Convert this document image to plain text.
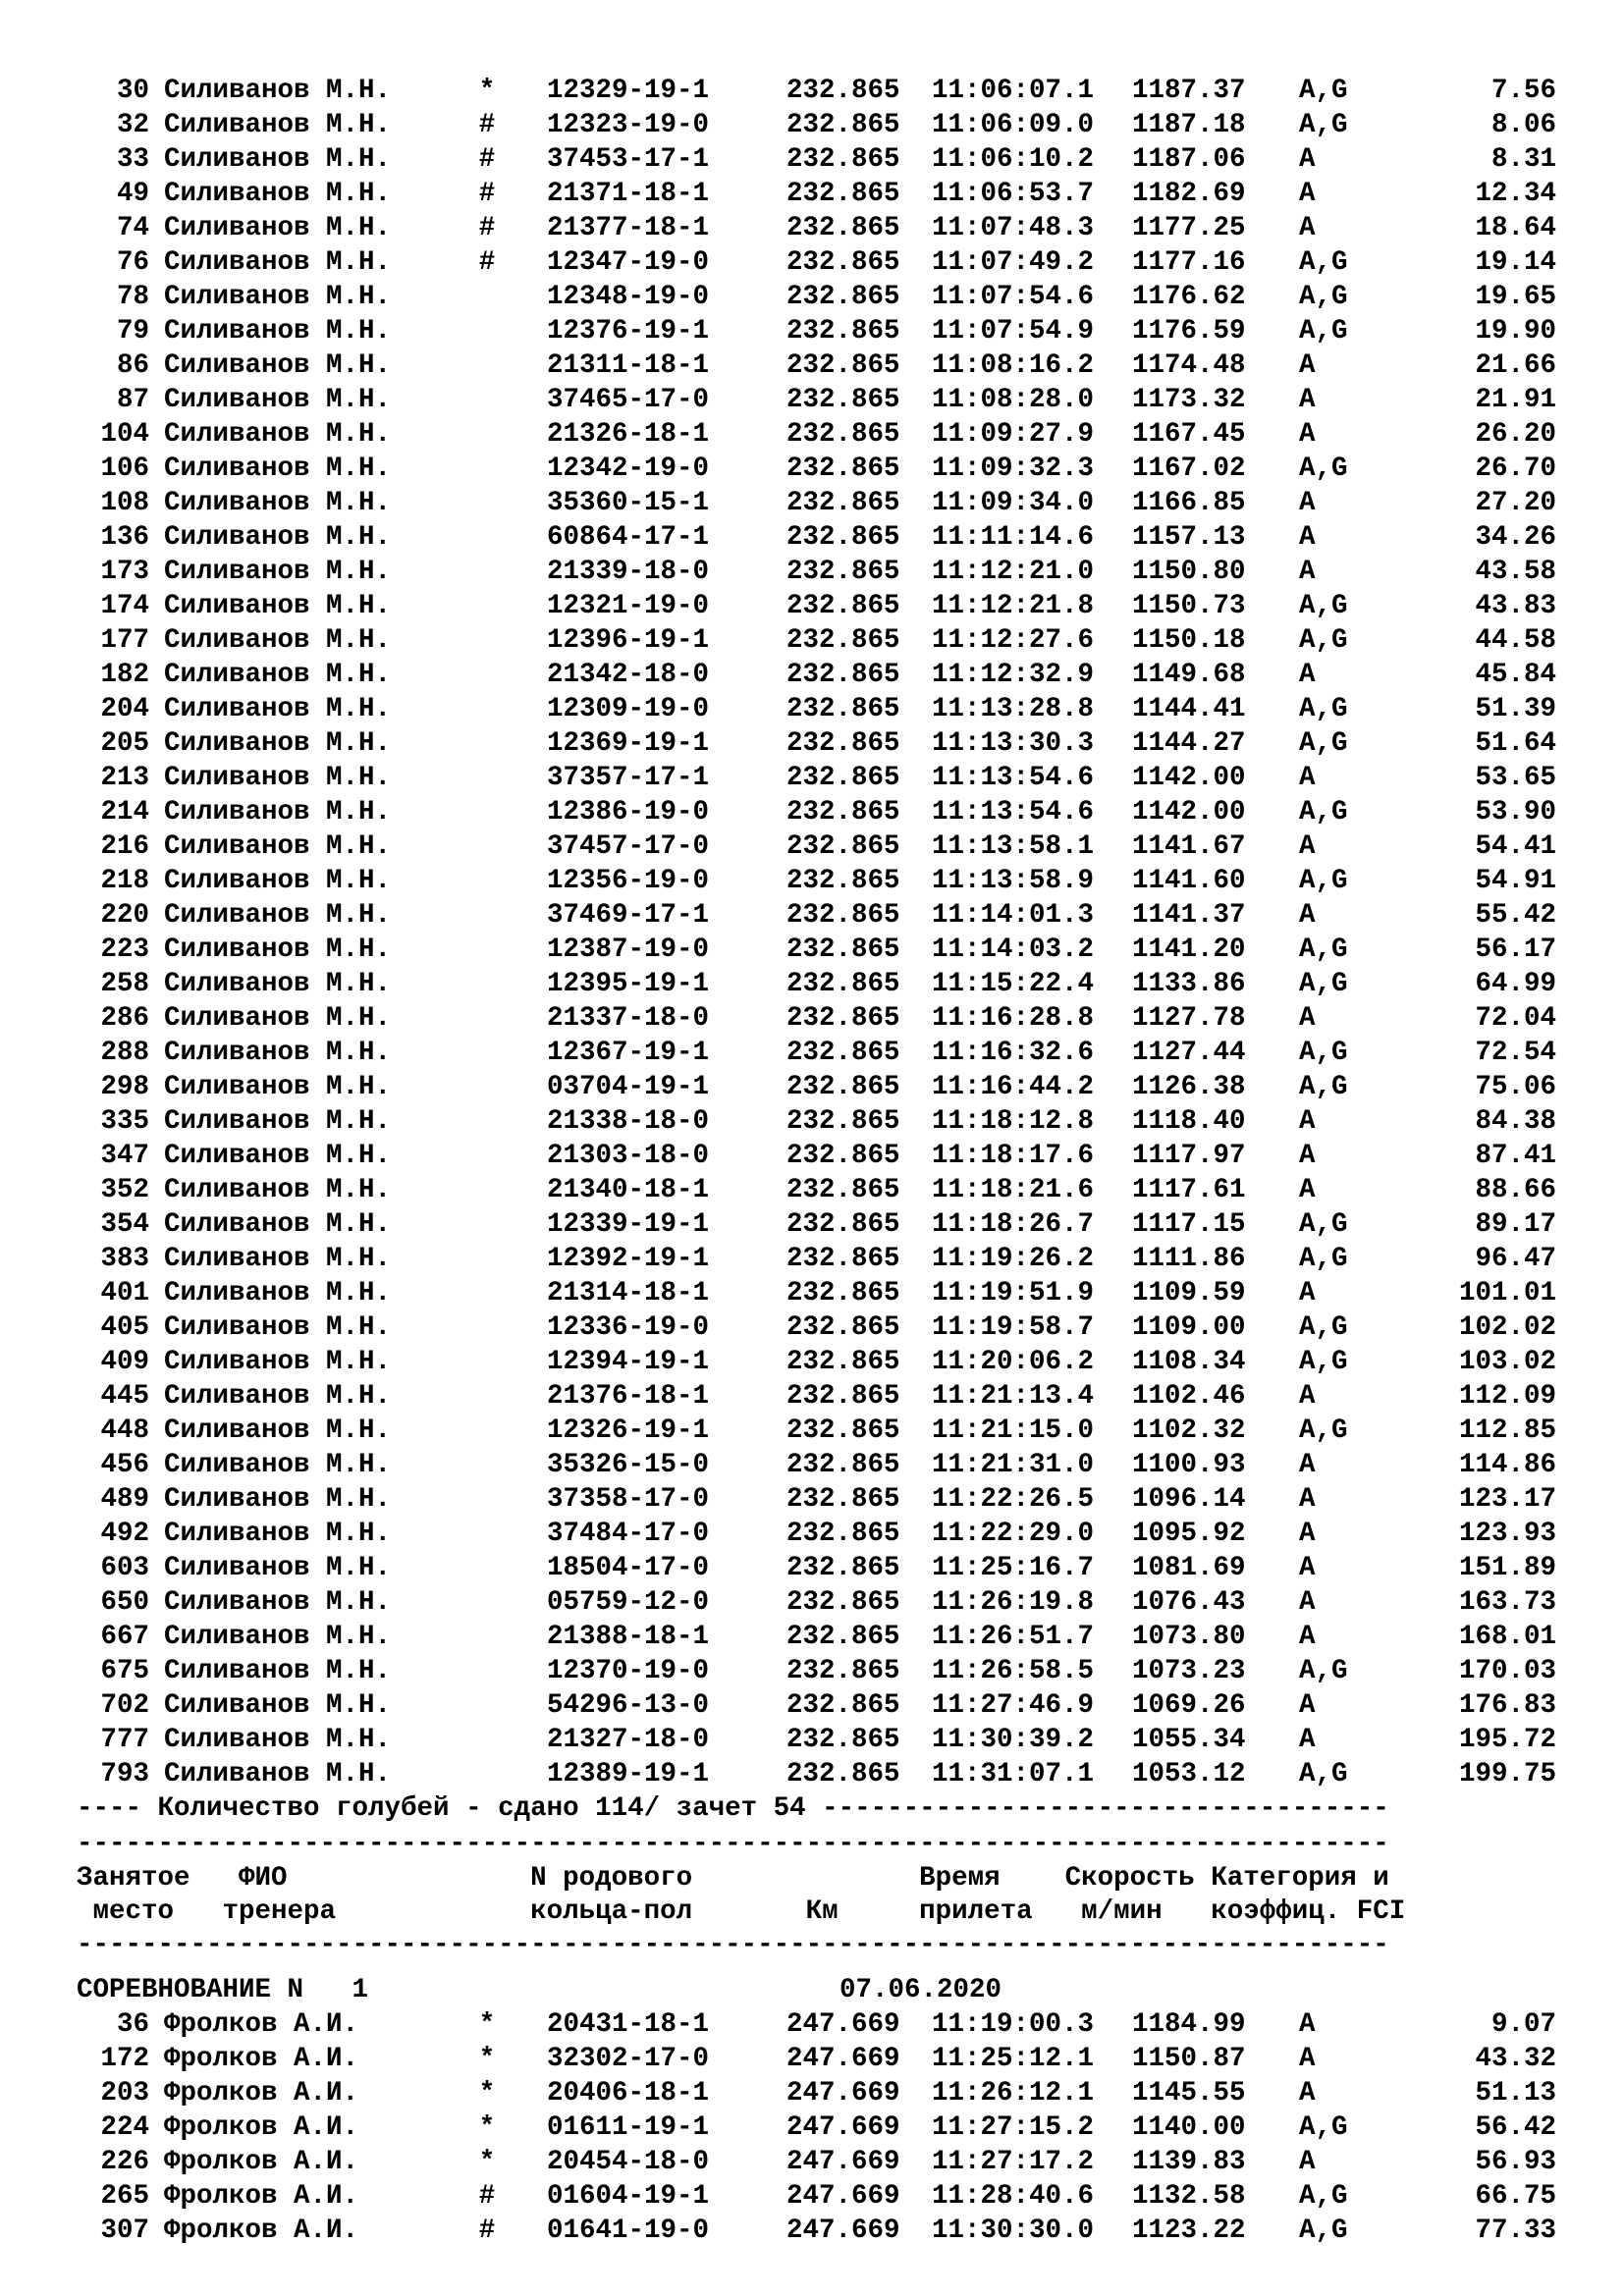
30 Силиванов М.Н.	* 12329-19-1	232.865 11:06:07.1 1187.37 A,G	7.56
32 Силиванов М.Н.	# 12323-19-0	232.865 11:06:09.0 1187.18 A,G	8.06
33 Силиванов М.Н.	# 37453-17-1	232.865 11:06:10.2 1187.06 A	8.31
49 Силиванов М.Н.	# 21371-18-1	232.865 11:06:53.7 1182.69 A	12.34
74 Силиванов М.Н.	# 21377-18-1	232.865 11:07:48.3 1177.25 A	18.64
76 Силиванов М.Н.	# 12347-19-0	232.865 11:07:49.2 1177.16 A,G	19.14
78 Силиванов М.Н.	12348-19-0	232.865 11:07:54.6 1176.62 A,G	19.65
79 Силиванов М.Н.	12376-19-1	232.865 11:07:54.9 1176.59 A,G	19.90
86 Силиванов М.Н.	21311-18-1	232.865 11:08:16.2 1174.48 A	21.66
87 Силиванов М.Н.	37465-17-0	232.865 11:08:28.0 1173.32 A	21.91
104 Силиванов М.Н.	21326-18-1	232.865 11:09:27.9 1167.45 A	26.20
106 Силиванов М.Н.	12342-19-0	232.865 11:09:32.3 1167.02 A,G	26.70
108 Силиванов М.Н.	35360-15-1	232.865 11:09:34.0 1166.85 A	27.20
136 Силиванов М.Н.	60864-17-1	232.865 11:11:14.6 1157.13 A	34.26
173 Силиванов М.Н.	21339-18-0	232.865 11:12:21.0 1150.80 A	43.58
174 Силиванов М.Н.	12321-19-0	232.865 11:12:21.8 1150.73 A,G	43.83
177 Силиванов М.Н.	12396-19-1	232.865 11:12:27.6 1150.18 A,G	44.58
182 Силиванов М.Н.	21342-18-0	232.865 11:12:32.9 1149.68 A	45.84
204 Силиванов М.Н.	12309-19-0	232.865 11:13:28.8 1144.41 A,G	51.39
205 Силиванов М.Н.	12369-19-1	232.865 11:13:30.3 1144.27 A,G	51.64
213 Силиванов М.Н.	37357-17-1	232.865 11:13:54.6 1142.00 A	53.65
214 Силиванов М.Н.	12386-19-0	232.865 11:13:54.6 1142.00 A,G	53.90
216 Силиванов М.Н.	37457-17-0	232.865 11:13:58.1 1141.67 A	54.41
218 Силиванов М.Н.	12356-19-0	232.865 11:13:58.9 1141.60 A,G	54.91
220 Силиванов М.Н.	37469-17-1	232.865 11:14:01.3 1141.37 A	55.42
223 Силиванов М.Н.	12387-19-0	232.865 11:14:03.2 1141.20 A,G	56.17
258 Силиванов М.Н.	12395-19-1	232.865 11:15:22.4 1133.86 A,G	64.99
286 Силиванов М.Н.	21337-18-0	232.865 11:16:28.8 1127.78 A	72.04
288 Силиванов М.Н.	12367-19-1	232.865 11:16:32.6 1127.44 A,G	72.54
298 Силиванов М.Н.	03704-19-1	232.865 11:16:44.2 1126.38 A,G	75.06
335 Силиванов М.Н.	21338-18-0	232.865 11:18:12.8 1118.40 A	84.38
347 Силиванов М.Н.	21303-18-0	232.865 11:18:17.6 1117.97 A	87.41
352 Силиванов М.Н.	21340-18-1	232.865 11:18:21.6 1117.61 A	88.66
354 Силиванов М.Н.	12339-19-1	232.865 11:18:26.7 1117.15 A,G	89.17
383 Силиванов М.Н.	12392-19-1	232.865 11:19:26.2 1111.86 A,G	96.47
401 Силиванов М.Н.	21314-18-1	232.865 11:19:51.9 1109.59 A	101.01
405 Силиванов М.Н.	12336-19-0	232.865 11:19:58.7 1109.00 A,G	102.02
409 Силиванов М.Н.	12394-19-1	232.865 11:20:06.2 1108.34 A,G	103.02
445 Силиванов М.Н.	21376-18-1	232.865 11:21:13.4 1102.46 A	112.09
448 Силиванов М.Н.	12326-19-1	232.865 11:21:15.0 1102.32 A,G	112.85
456 Силиванов М.Н.	35326-15-0	232.865 11:21:31.0 1100.93 A	114.86
489 Силиванов М.Н.	37358-17-0	232.865 11:22:26.5 1096.14 A	123.17
492 Силиванов М.Н.	37484-17-0	232.865 11:22:29.0 1095.92 A	123.93
603 Силиванов М.Н.	18504-17-0	232.865 11:25:16.7 1081.69 A	151.89
650 Силиванов М.Н.	05759-12-0	232.865 11:26:19.8 1076.43 A	163.73
667 Силиванов М.Н.	21388-18-1	232.865 11:26:51.7 1073.80 A	168.01
675 Силиванов М.Н.	12370-19-0	232.865 11:26:58.5 1073.23 A,G	170.03
702 Силиванов М.Н.	54296-13-0	232.865 11:27:46.9 1069.26 A	176.83
777 Силиванов М.Н.	21327-18-0	232.865 11:30:39.2 1055.34 A	195.72
793 Силиванов М.Н.	12389-19-1	232.865 11:31:07.1 1053.12 A,G	199.75
---- Количество голубей - сдано 114/ зачет 54 -----------------------------------
---------------------------------------------------------------------------------
Занятое   ФИО               N родового              Время    Скорость Категория и
место   тренера            кольца-пол       Км     прилета   м/мин   коэффиц. FCI
---------------------------------------------------------------------------------
СОРЕВНОВАНИЕ N   1	07.06.2020
36 Фролков А.И.	* 20431-18-1	247.669 11:19:00.3 1184.99 A	9.07
172 Фролков А.И.	* 32302-17-0	247.669 11:25:12.1 1150.87 A	43.32
203 Фролков А.И.	* 20406-18-1	247.669 11:26:12.1 1145.55 A	51.13
224 Фролков А.И.	* 01611-19-1	247.669 11:27:15.2 1140.00 A,G	56.42
226 Фролков А.И.	* 20454-18-0	247.669 11:27:17.2 1139.83 A	56.93
265 Фролков А.И.	# 01604-19-1	247.669 11:28:40.6 1132.58 A,G	66.75
307 Фролков А.И.	# 01641-19-0	247.669 11:30:30.0 1123.22 A,G	77.33
